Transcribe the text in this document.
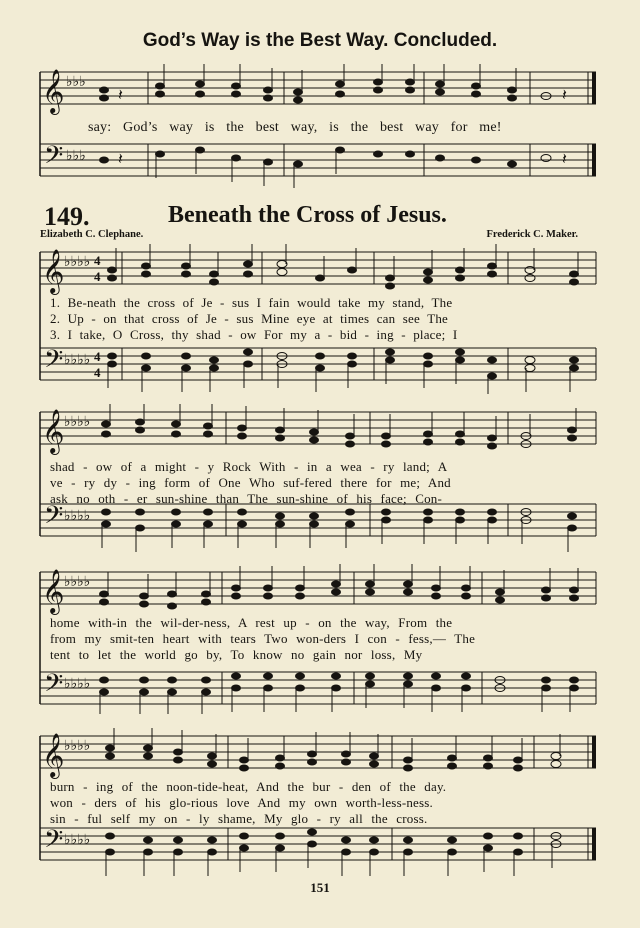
God’s Way is the Best Way. Concluded.
𝄞
𝄢
♭♭♭
♭♭♭
𝄽
𝄽
𝄽
𝄽
say: God’s way is the best way, is the best way for me!
149.	Beneath the Cross of Jesus.
Elizabeth C. Clephane.	Frederick C. Maker.
𝄞
𝄢
♭♭♭♭
♭♭♭♭
4
4
4
4
1. Be-neath the cross of Je - sus I fain would take my stand, The
2. Up - on that cross of Je - sus Mine eye at times can see The
3. I take, O Cross, thy shad - ow For my a - bid - ing - place; I
𝄞
𝄢
♭♭♭♭
♭♭♭♭
shad - ow of a might - y Rock With - in a wea - ry land; A
ve - ry dy - ing form of One Who suf-fered there for me; And
ask no oth - er sun-shine than The sun-shine of his face; Con-
𝄞
𝄢
♭♭♭♭
♭♭♭♭
home with-in the wil-der-ness, A rest up - on the way, From the
from my smit-ten heart with tears Two won-ders I con - fess,— The
tent to let the world go by, To know no gain nor loss, My
𝄞
𝄢
♭♭♭♭
♭♭♭♭
burn - ing of the noon-tide-heat, And the bur - den of the day.
won - ders of his glo-rious love And my own worth-less-ness.
sin - ful self my on - ly shame, My glo - ry all the cross.
151
